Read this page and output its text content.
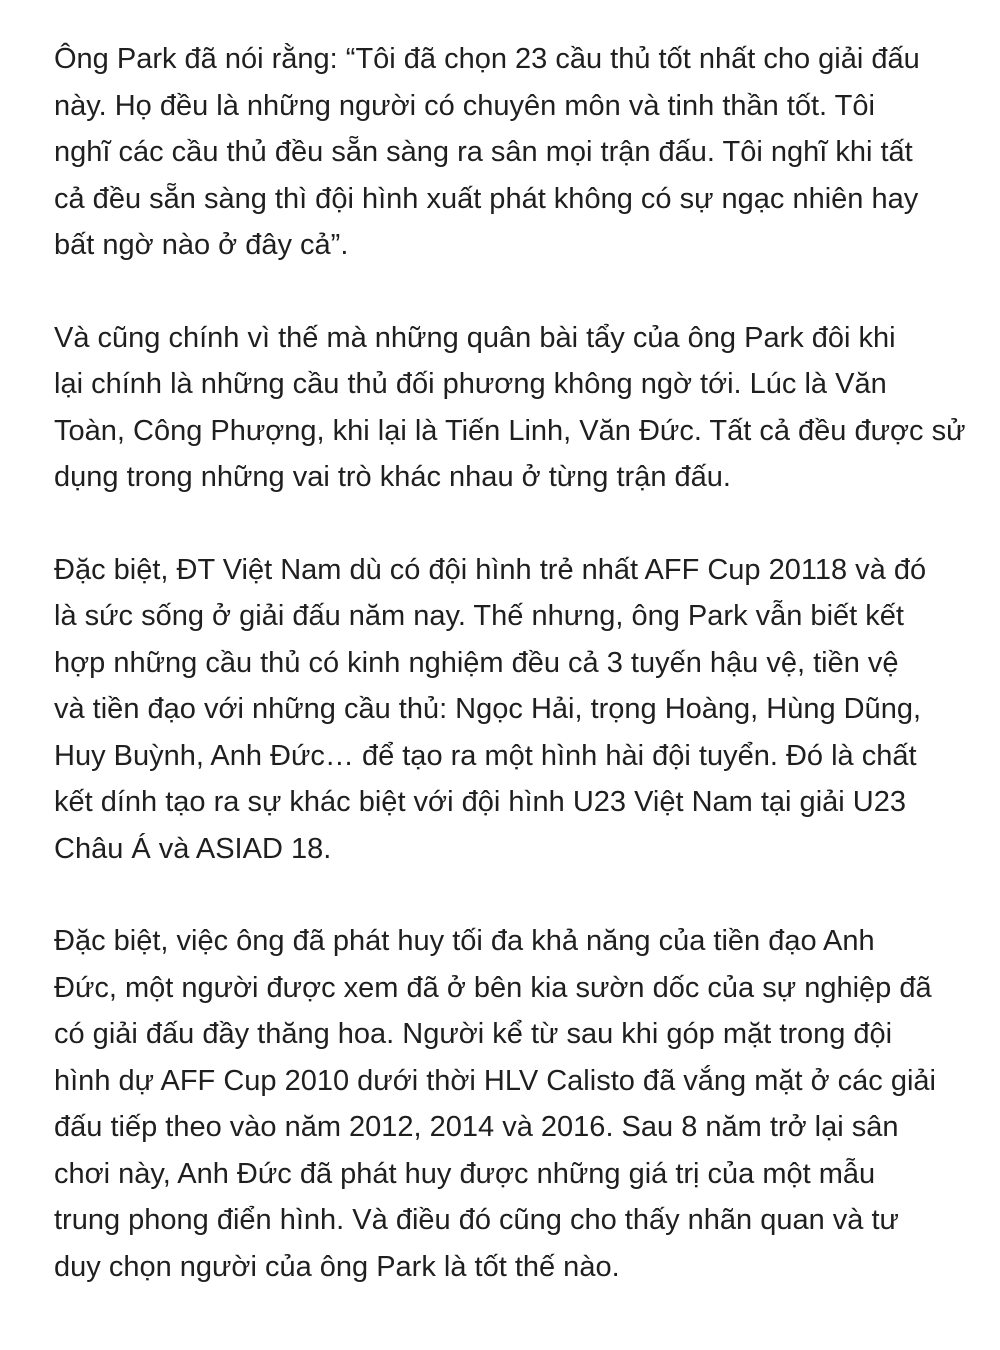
Ông Park đã nói rằng: “Tôi đã chọn 23 cầu thủ tốt nhất cho giải đấu
này. Họ đều là những người có chuyên môn và tinh thần tốt. Tôi
nghĩ các cầu thủ đều sẵn sàng ra sân mọi trận đấu. Tôi nghĩ khi tất
cả đều sẵn sàng thì đội hình xuất phát không có sự ngạc nhiên hay
bất ngờ nào ở đây cả”.

Và cũng chính vì thế mà những quân bài tẩy của ông Park đôi khi
lại chính là những cầu thủ đối phương không ngờ tới. Lúc là Văn
Toàn, Công Phượng, khi lại là Tiến Linh, Văn Đức. Tất cả đều được sử
dụng trong những vai trò khác nhau ở từng trận đấu.

Đặc biệt, ĐT Việt Nam dù có đội hình trẻ nhất AFF Cup 20118 và đó
là sức sống ở giải đấu năm nay. Thế nhưng, ông Park vẫn biết kết
hợp những cầu thủ có kinh nghiệm đều cả 3 tuyến hậu vệ, tiền vệ
và tiền đạo với những cầu thủ: Ngọc Hải, trọng Hoàng, Hùng Dũng,
Huy Buỳnh, Anh Đức… để tạo ra một hình hài đội tuyển. Đó là chất
kết dính tạo ra sự khác biệt với đội hình U23 Việt Nam tại giải U23
Châu Á và ASIAD 18.

Đặc biệt, việc ông đã phát huy tối đa khả năng của tiền đạo Anh
Đức, một người được xem đã ở bên kia sườn dốc của sự nghiệp đã
có giải đấu đầy thăng hoa. Người kể từ sau khi góp mặt trong đội
hình dự AFF Cup 2010 dưới thời HLV Calisto đã vắng mặt ở các giải
đấu tiếp theo vào năm 2012, 2014 và 2016. Sau 8 năm trở lại sân
chơi này, Anh Đức đã phát huy được những giá trị của một mẫu
trung phong điển hình. Và điều đó cũng cho thấy nhãn quan và tư
duy chọn người của ông Park là tốt thế nào.
